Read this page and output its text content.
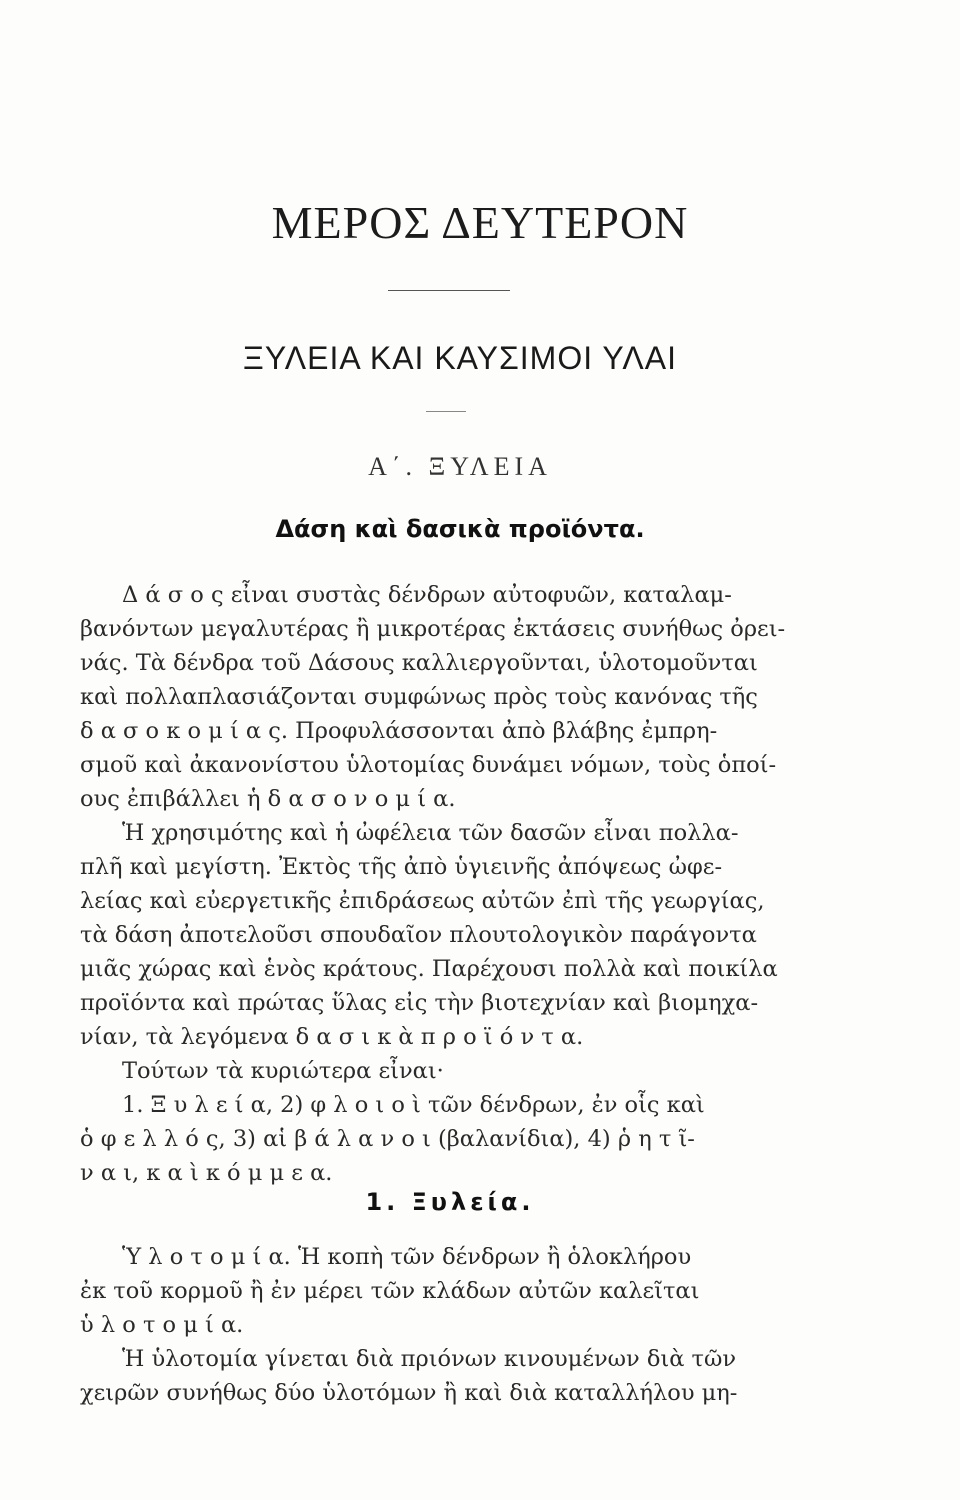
ΜΕΡΟΣ ΔΕΥΤΕΡΟΝ
ΞΥΛΕΙΑ ΚΑΙ ΚΑΥΣΙΜΟΙ ΥΛΑΙ
Α΄. ΞΥΛΕΙΑ
Δάση καὶ δασικὰ προϊόντα.
Δ ά σ ο ς εἶναι συστὰς δένδρων αὐτοφυῶν, καταλαμ-
βανόντων μεγαλυτέρας ἢ μικροτέρας ἐκτάσεις συνήθως ὀρει-
νάς. Τὰ δένδρα τοῦ Δάσους καλλιεργοῦνται, ὑλοτομοῦνται
καὶ πολλαπλασιάζονται συμφώνως πρὸς τοὺς κανόνας τῆς
δ α σ ο κ ο μ ί α ς. Προφυλάσσονται ἀπὸ βλάβης ἐμπρη-
σμοῦ καὶ ἀκανονίστου ὑλοτομίας δυνάμει νόμων, τοὺς ὁποί-
ους ἐπιβάλλει ἡ δ α σ ο ν ο μ ί α.
Ἡ χρησιμότης καὶ ἡ ὠφέλεια τῶν δασῶν εἶναι πολλα-
πλῆ καὶ μεγίστη. Ἐκτὸς τῆς ἀπὸ ὑγιεινῆς ἀπόψεως ὠφε-
λείας καὶ εὐεργετικῆς ἐπιδράσεως αὐτῶν ἐπὶ τῆς γεωργίας,
τὰ δάση ἀποτελοῦσι σπουδαῖον πλουτολογικὸν παράγοντα
μιᾶς χώρας καὶ ἑνὸς κράτους. Παρέχουσι πολλὰ καὶ ποικίλα
προϊόντα καὶ πρώτας ὕλας εἰς τὴν βιοτεχνίαν καὶ βιομηχα-
νίαν, τὰ λεγόμενα δ α σ ι κ ὰ π ρ ο ϊ ό ν τ α.
Τούτων τὰ κυριώτερα εἶναι·
1. Ξ υ λ ε ί α, 2) φ λ ο ι ο ὶ τῶν δένδρων, ἐν οἷς καὶ
ὁ φ ε λ λ ό ς, 3) αἱ β ά λ α ν ο ι (βαλανίδια), 4) ῥ η τ ῖ-
ν α ι, κ α ὶ κ ό μ μ ε α.
1. Ξυλεία.
Ὑ λ ο τ ο μ ί α. Ἡ κοπὴ τῶν δένδρων ἢ ὁλοκλήρου
ἐκ τοῦ κορμοῦ ἢ ἐν μέρει τῶν κλάδων αὐτῶν καλεῖται
ὑ λ ο τ ο μ ί α.
Ἡ ὑλοτομία γίνεται διὰ πριόνων κινουμένων διὰ τῶν
χειρῶν συνήθως δύο ὑλοτόμων ἢ καὶ διὰ καταλλήλου μη-
